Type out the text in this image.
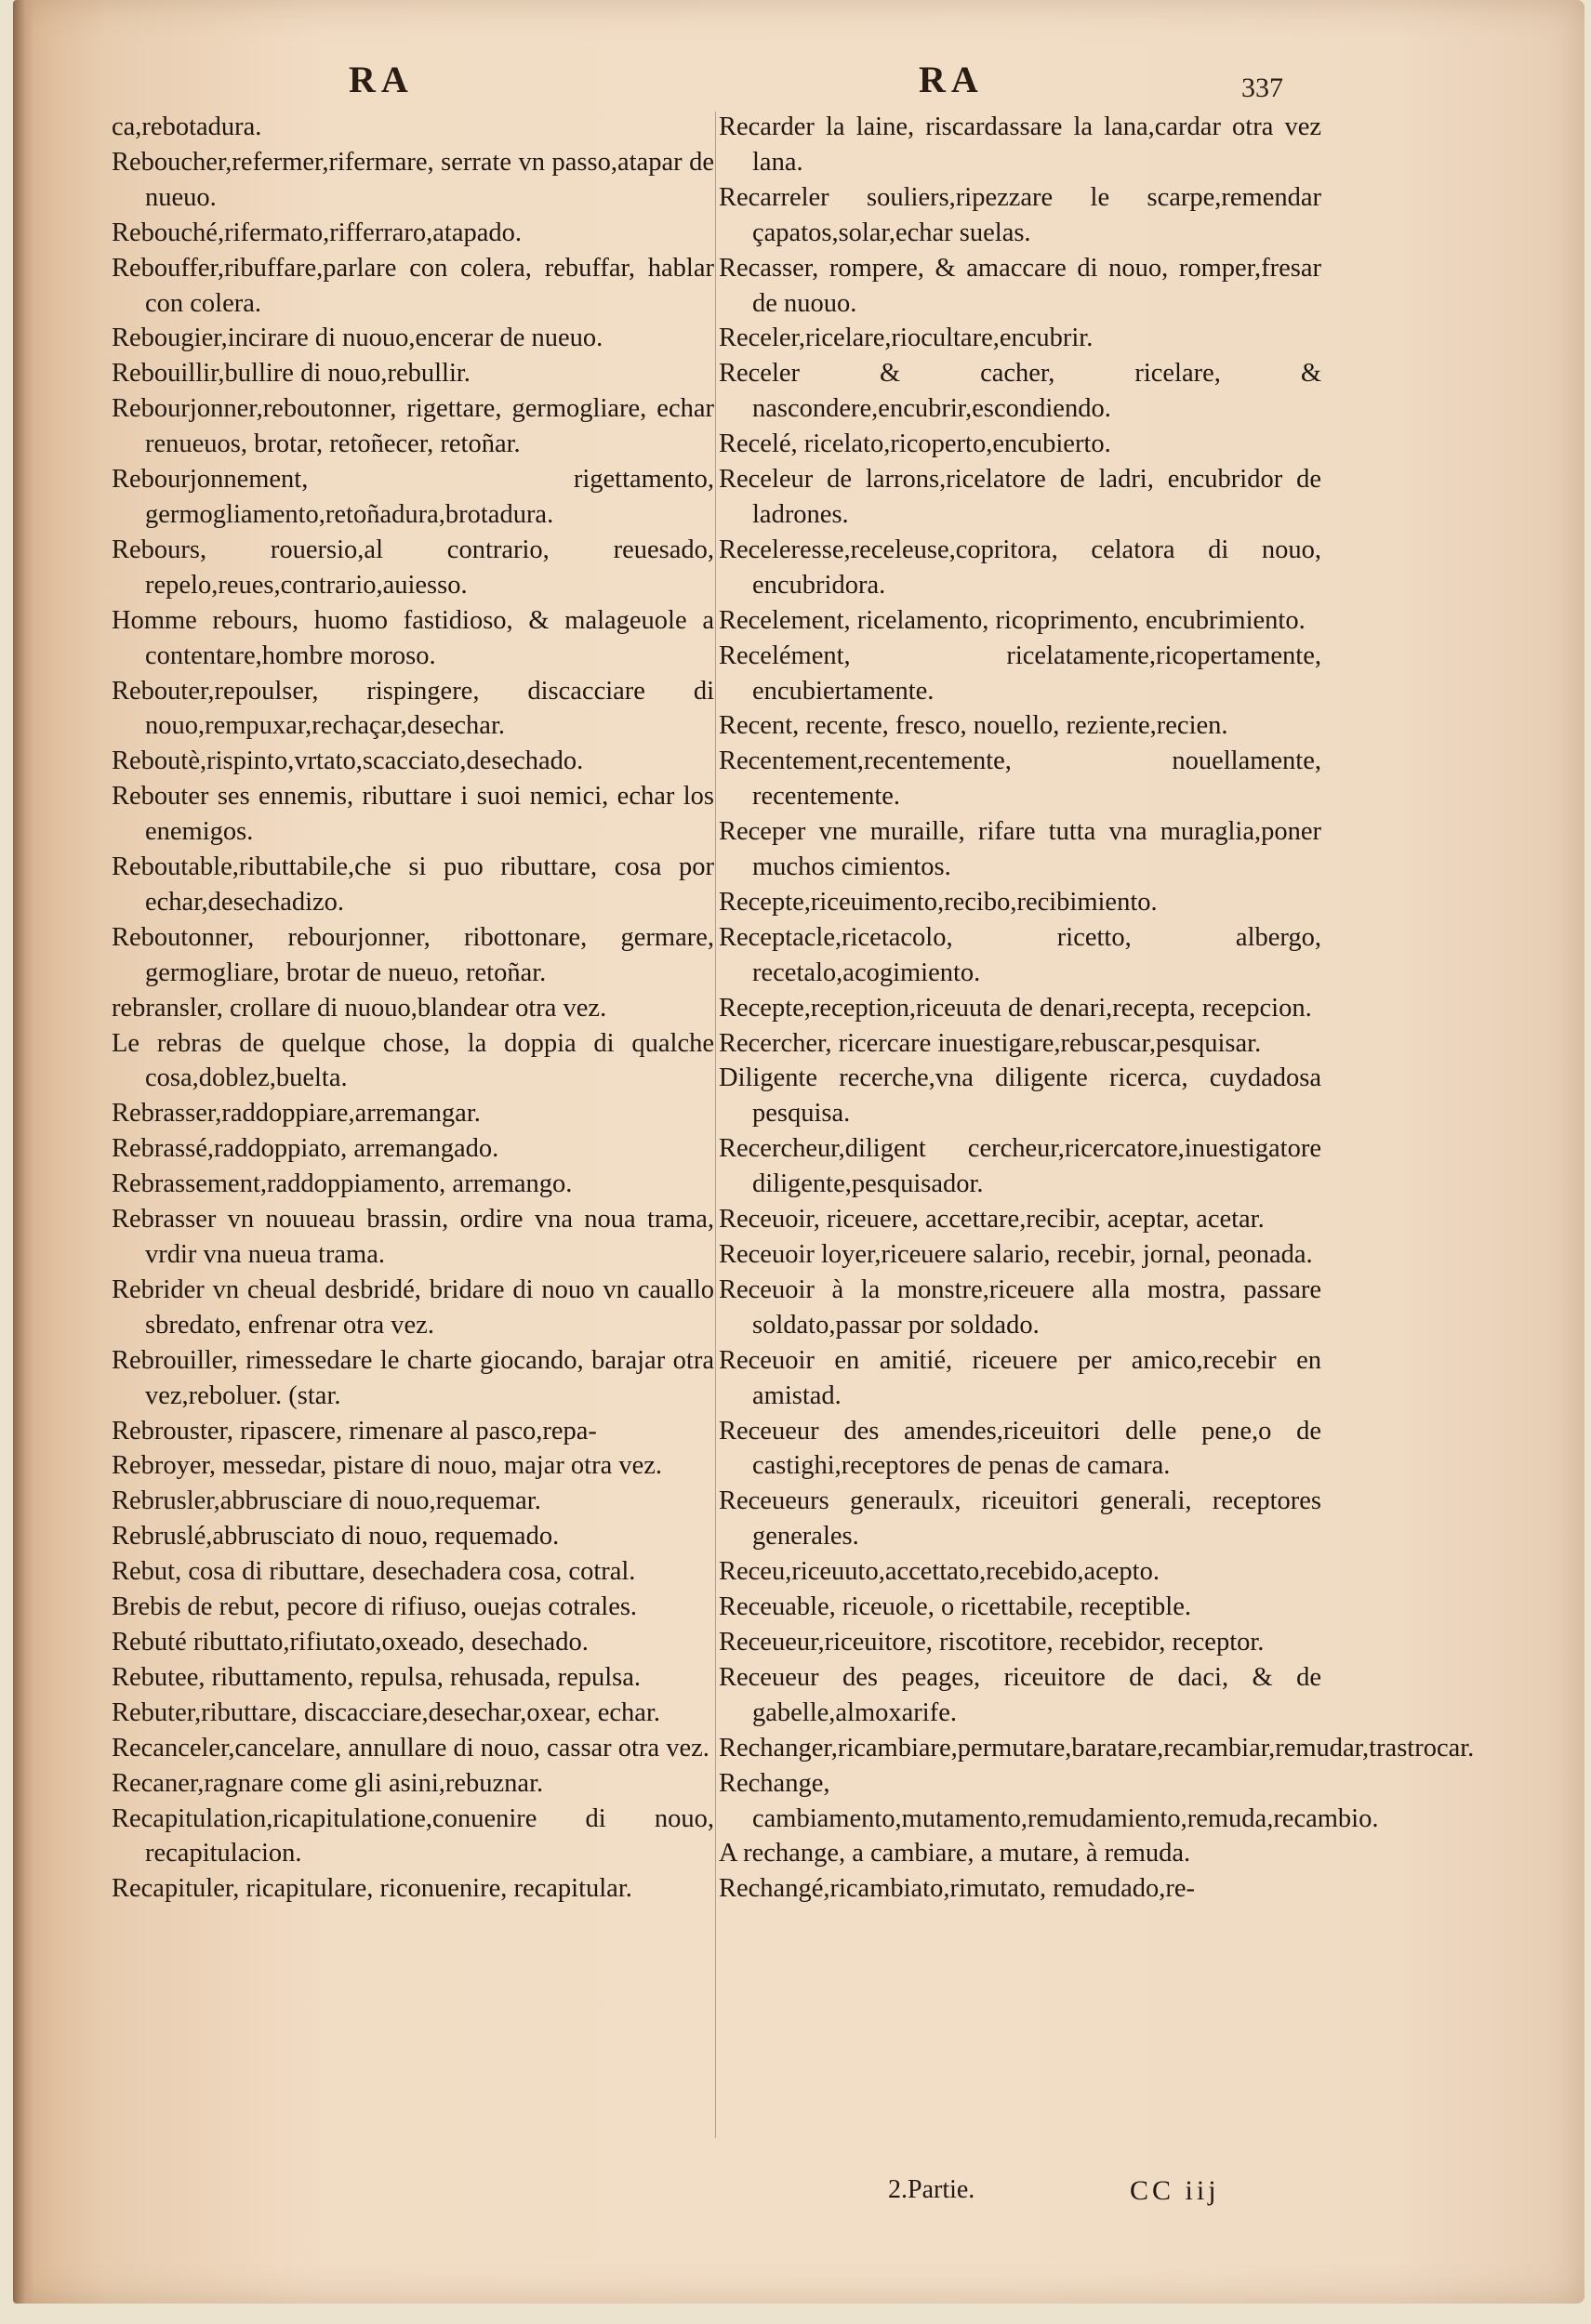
RA	RA	337

ca,rebotadura.

Reboucher,refermer,rifermare, serrate vn passo,atapar de nueuo.

Rebouché,rifermato,rifferraro,atapado.

Rebouffer,ribuffare,parlare con colera, rebuffar, hablar con colera.

Rebougier,incirare di nuouo,encerar de nueuo.

Rebouillir,bullire di nouo,rebullir.

Rebourjonner,reboutonner, rigettare, germogliare, echar renueuos, brotar, retoñecer, retoñar.

Rebourjonnement, rigettamento, germogliamento,retoñadura,brotadura.

Rebours, rouersio,al contrario, reuesado, repelo,reues,contrario,auiesso.

Homme rebours, huomo fastidioso, & malageuole a contentare,hombre moroso.

Rebouter,repoulser, rispingere, discacciare di nouo,rempuxar,rechaçar,desechar.

Reboutè,rispinto,vrtato,scacciato,desechado.

Rebouter ses ennemis, ributtare i suoi nemici, echar los enemigos.

Reboutable,ributtabile,che si puo ributtare, cosa por echar,desechadizo.

Reboutonner, rebourjonner, ribottonare, germare, germogliare, brotar de nueuo, retoñar.

rebransler, crollare di nuouo,blandear otra vez.

Le rebras de quelque chose, la doppia di qualche cosa,doblez,buelta.

Rebrasser,raddoppiare,arremangar.

Rebrassé,raddoppiato, arremangado.

Rebrassement,raddoppiamento, arremango.

Rebrasser vn nouueau brassin, ordire vna noua trama, vrdir vna nueua trama.

Rebrider vn cheual desbridé, bridare di nouo vn cauallo sbredato, enfrenar otra vez.

Rebrouiller, rimessedare le charte giocando, barajar otra vez,reboluer. (star.

Rebrouster, ripascere, rimenare al pasco,repa-

Rebroyer, messedar, pistare di nouo, majar otra vez.

Rebrusler,abbrusciare di nouo,requemar.

Rebruslé,abbrusciato di nouo, requemado.

Rebut, cosa di ributtare, desechadera cosa, cotral.

Brebis de rebut, pecore di rifiuso, ouejas cotrales.

Rebuté ributtato,rifiutato,oxeado, desechado.

Rebutee, ributtamento, repulsa, rehusada, repulsa.

Rebuter,ributtare, discacciare,desechar,oxear, echar.

Recanceler,cancelare, annullare di nouo, cassar otra vez.

Recaner,ragnare come gli asini,rebuznar.

Recapitulation,ricapitulatione,conuenire di nouo, recapitulacion.

Recapituler, ricapitulare, riconuenire, recapitular.

Recarder la laine, riscardassare la lana,cardar otra vez lana.

Recarreler souliers,ripezzare le scarpe,remendar çapatos,solar,echar suelas.

Recasser, rompere, & amaccare di nouo, romper,fresar de nuouo.

Receler,ricelare,riocultare,encubrir.

Receler & cacher, ricelare, & nascondere,encubrir,escondiendo.

Recelé, ricelato,ricoperto,encubierto.

Receleur de larrons,ricelatore de ladri, encubridor de ladrones.

Receleresse,receleuse,copritora, celatora di nouo, encubridora.

Recelement, ricelamento, ricoprimento, encubrimiento.

Recelément, ricelatamente,ricopertamente, encubiertamente.

Recent, recente, fresco, nouello, reziente,recien.

Recentement,recentemente, nouellamente, recentemente.

Receper vne muraille, rifare tutta vna muraglia,poner muchos cimientos.

Recepte,riceuimento,recibo,recibimiento.

Receptacle,ricetacolo, ricetto, albergo, recetalo,acogimiento.

Recepte,reception,riceuuta de denari,recepta, recepcion.

Recercher, ricercare inuestigare,rebuscar,pesquisar.

Diligente recerche,vna diligente ricerca, cuydadosa pesquisa.

Recercheur,diligent cercheur,ricercatore,inuestigatore diligente,pesquisador.

Receuoir, riceuere, accettare,recibir, aceptar, acetar.

Receuoir loyer,riceuere salario, recebir, jornal, peonada.

Receuoir à la monstre,riceuere alla mostra, passare soldato,passar por soldado.

Receuoir en amitié, riceuere per amico,recebir en amistad.

Receueur des amendes,riceuitori delle pene,o de castighi,receptores de penas de camara.

Receueurs generaulx, riceuitori generali, receptores generales.

Receu,riceuuto,accettato,recebido,acepto.

Receuable, riceuole, o ricettabile, receptible.

Receueur,riceuitore, riscotitore, recebidor, receptor.

Receueur des peages, riceuitore de daci, & de gabelle,almoxarife.

Rechanger,ricambiare,permutare,baratare,recambiar,remudar,trastrocar.

Rechange, cambiamento,mutamento,remudamiento,remuda,recambio.

A rechange, a cambiare, a mutare, à remuda.

Rechangé,ricambiato,rimutato, remudado,re-

2.Partie.	CC iij
